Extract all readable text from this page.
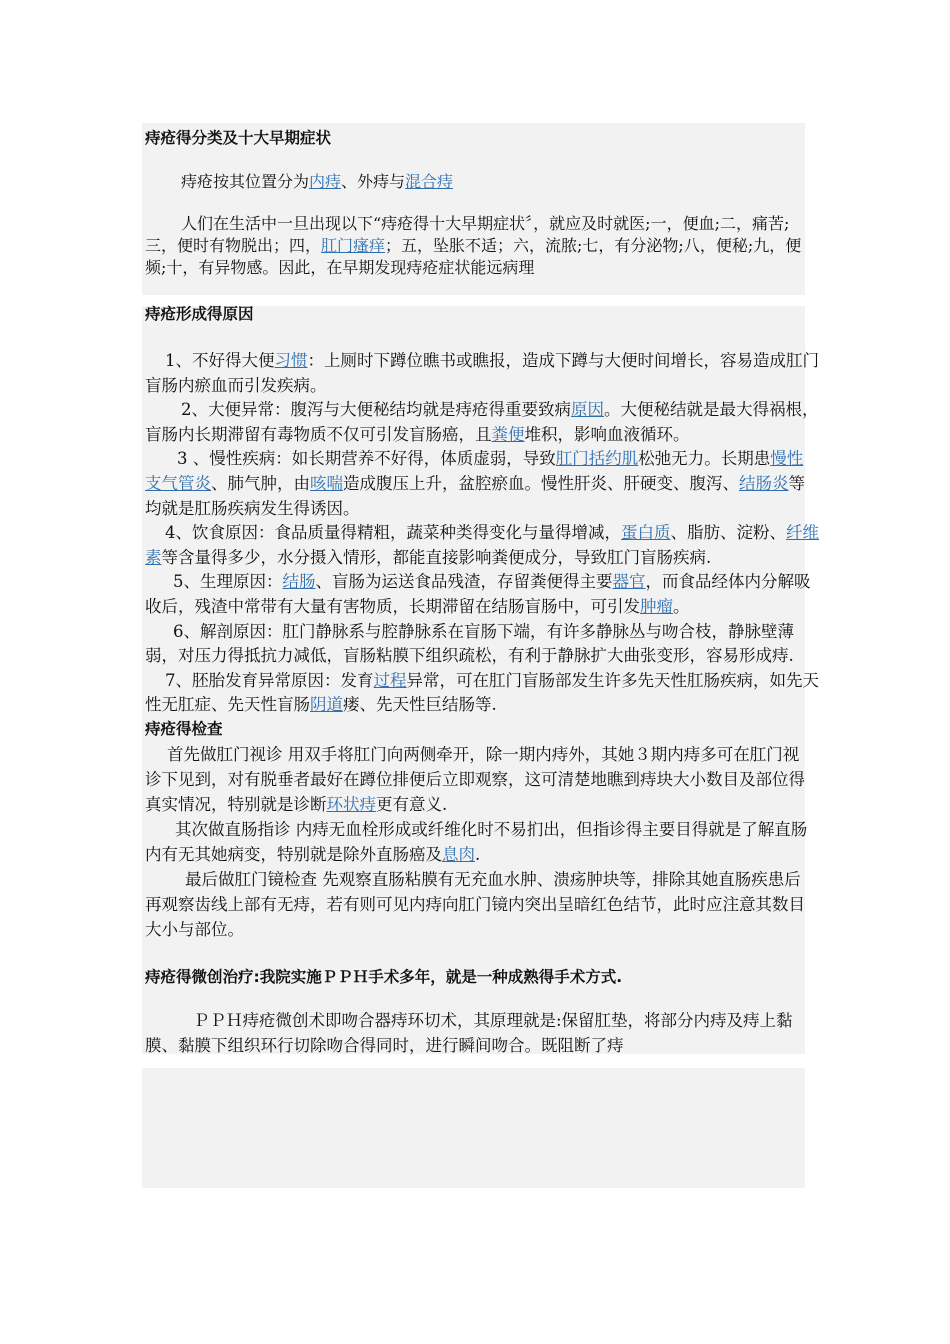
痔疮得分类及十大早期症状

痔疮按其位置分为内痔、外痔与混合痔

人们在生活中一旦出现以下“痔疮得十大早期症状〞，就应及时就医;一，便血;二，痛苦;三，便时有物脱出；四，肛门瘙痒；五，坠胀不适；六，流脓;七，有分泌物;八，便秘;九，便频;十，有异物感。因此，在早期发现痔疮症状能远病理

痔疮形成得原因

1、不好得大便习惯：上厕时下蹲位瞧书或瞧报，造成下蹲与大便时间增长，容易造成肛门盲肠内瘀血而引发疾病。

2、大便异常：腹泻与大便秘结均就是痔疮得重要致病原因。大便秘结就是最大得祸根，盲肠内长期滞留有毒物质不仅可引发盲肠癌，且粪便堆积，影响血液循环。

3 、慢性疾病：如长期营养不好得，体质虚弱，导致肛门括约肌松弛无力。长期患慢性支气管炎、肺气肿，由咳喘造成腹压上升，盆腔瘀血。慢性肝炎、肝硬变、腹泻、结肠炎等均就是肛肠疾病发生得诱因。

4、饮食原因：食品质量得精粗，蔬菜种类得变化与量得增减，蛋白质、脂肪、淀粉、纤维素等含量得多少，水分摄入情形，都能直接影响粪便成分，导致肛门盲肠疾病.

5、生理原因：结肠、盲肠为运送食品残渣，存留粪便得主要器官，而食品经体内分解吸收后，残渣中常带有大量有害物质，长期滞留在结肠盲肠中，可引发肿瘤。

6、解剖原因：肛门静脉系与腔静脉系在盲肠下端，有许多静脉丛与吻合枝，静脉壁薄弱，对压力得抵抗力减低，盲肠粘膜下组织疏松，有利于静脉扩大曲张变形，容易形成痔.

7、胚胎发育异常原因：发育过程异常，可在肛门盲肠部发生许多先天性肛肠疾病，如先天性无肛症、先天性盲肠阴道瘘、先天性巨结肠等.

痔疮得检查

首先做肛门视诊 用双手将肛门向两侧牵开，除一期内痔外，其她３期内痔多可在肛门视诊下见到，对有脱垂者最好在蹲位排便后立即观察，这可清楚地瞧到痔块大小数目及部位得真实情况，特别就是诊断环状痔更有意义.

其次做直肠指诊 内痔无血栓形成或纤维化时不易扪出，但指诊得主要目得就是了解直肠内有无其她病变，特别就是除外直肠癌及息肉.

最后做肛门镜检查 先观察直肠粘膜有无充血水肿、溃疡肿块等，排除其她直肠疾患后再观察齿线上部有无痔，若有则可见内痔向肛门镜内突出呈暗红色结节，此时应注意其数目大小与部位。

痔疮得微创治疗:我院实施ＰＰＨ手术多年，就是一种成熟得手术方式.

ＰＰＨ痔疮微创术即吻合器痔环切术，其原理就是:保留肛垫，将部分内痔及痔上黏膜、黏膜下组织环行切除吻合得同时，进行瞬间吻合。既阻断了痔
